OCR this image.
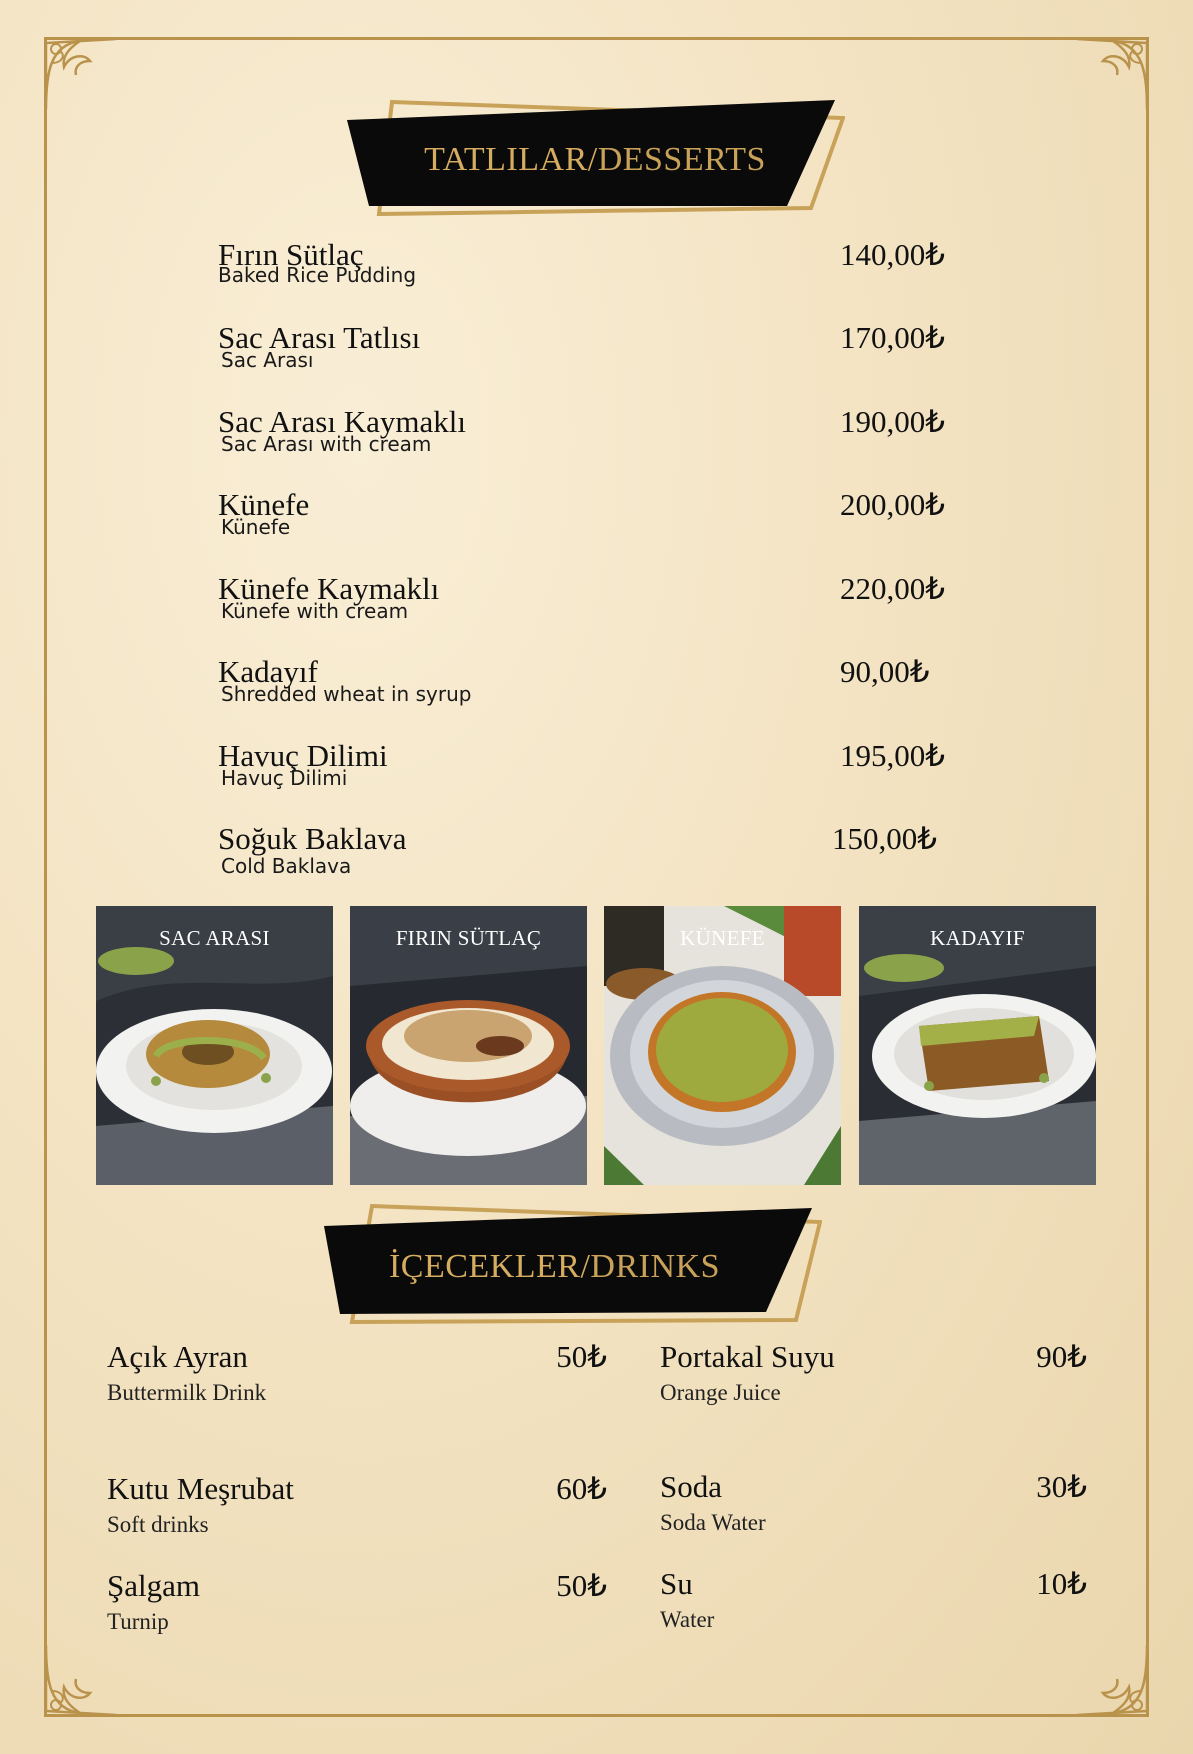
TATLILAR/DESSERTS
Fırın Sütlaç
Baked Rice Pudding
140,00₺
Sac Arası Tatlısı
Sac Arası
170,00₺
Sac Arası Kaymaklı
Sac Arası with cream
190,00₺
Künefe
Künefe
200,00₺
Künefe Kaymaklı
Künefe with cream
220,00₺
Kadayıf
Shredded wheat in syrup
90,00₺
Havuç Dilimi
Havuç Dilimi
195,00₺
Soğuk Baklava
Cold Baklava
150,00₺
SAC ARASI	FIRIN SÜTLAÇ	KÜNEFE	KADAYIF
İÇECEKLER/DRINKS
Açık Ayran
Buttermilk Drink
50₺
Kutu Meşrubat
Soft drinks
60₺
Şalgam
Turnip
50₺
Portakal Suyu
Orange Juice
90₺
Soda
Soda Water
30₺
Su
Water
10₺
